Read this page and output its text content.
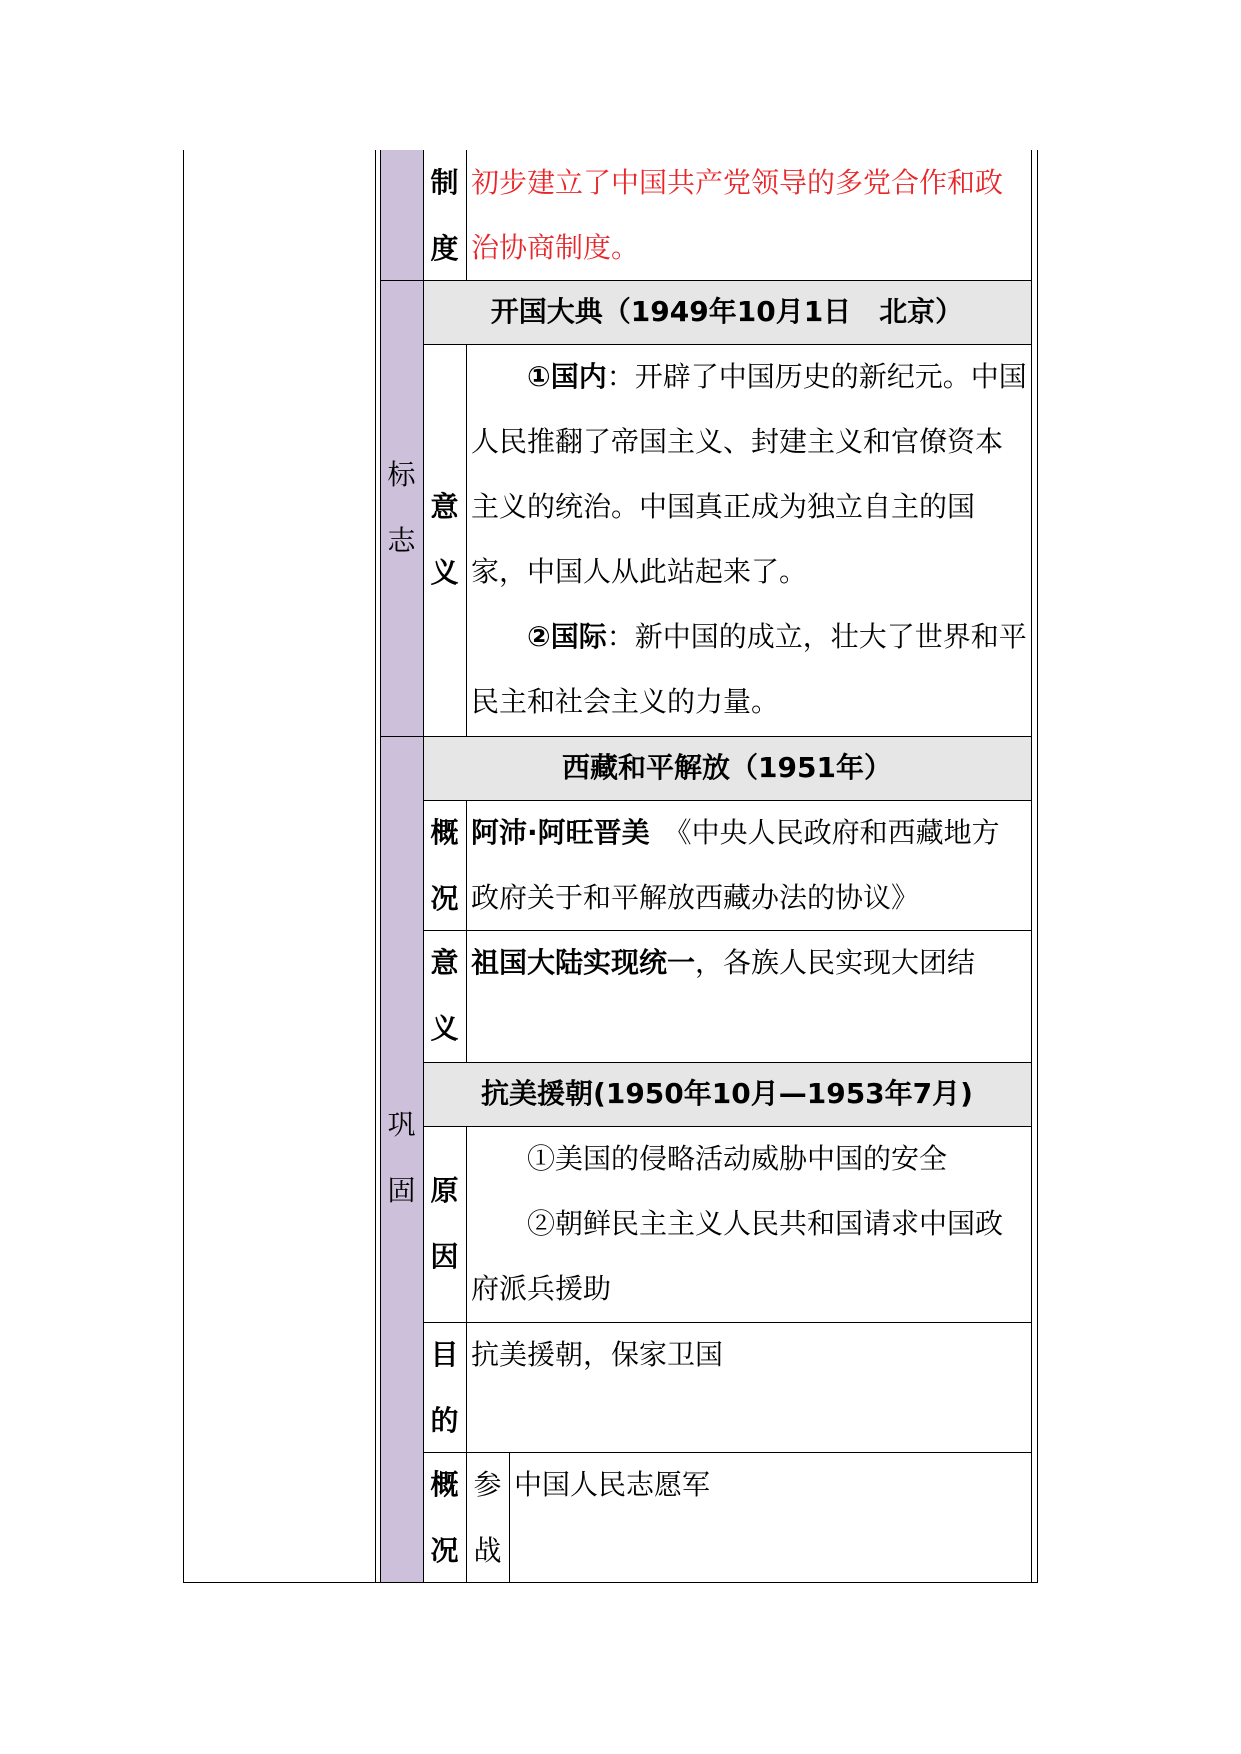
制
度

初步建立了中国共产党领导的多党合作和政治协商制度。

标
志
开国大典（1949年10月1日　北京）
意
义

①国内：开辟了中国历史的新纪元。中国人民推翻了帝国主义、封建主义和官僚资本主义的统治。中国真正成为独立自主的国家，中国人从此站起来了。

②国际：新中国的成立，壮大了世界和平民主和社会主义的力量。

巩
固
西藏和平解放（1951年）
概
况

阿沛·阿旺晋美　《中央人民政府和西藏地方政府关于和平解放西藏办法的协议》

意
义

祖国大陆实现统一，各族人民实现大团结

抗美援朝(1950年10月—1953年7月)
原
因

①美国的侵略活动威胁中国的安全

②朝鲜民主主义人民共和国请求中国政府派兵援助

目
的

抗美援朝，保家卫国

概
况
参
战

中国人民志愿军
